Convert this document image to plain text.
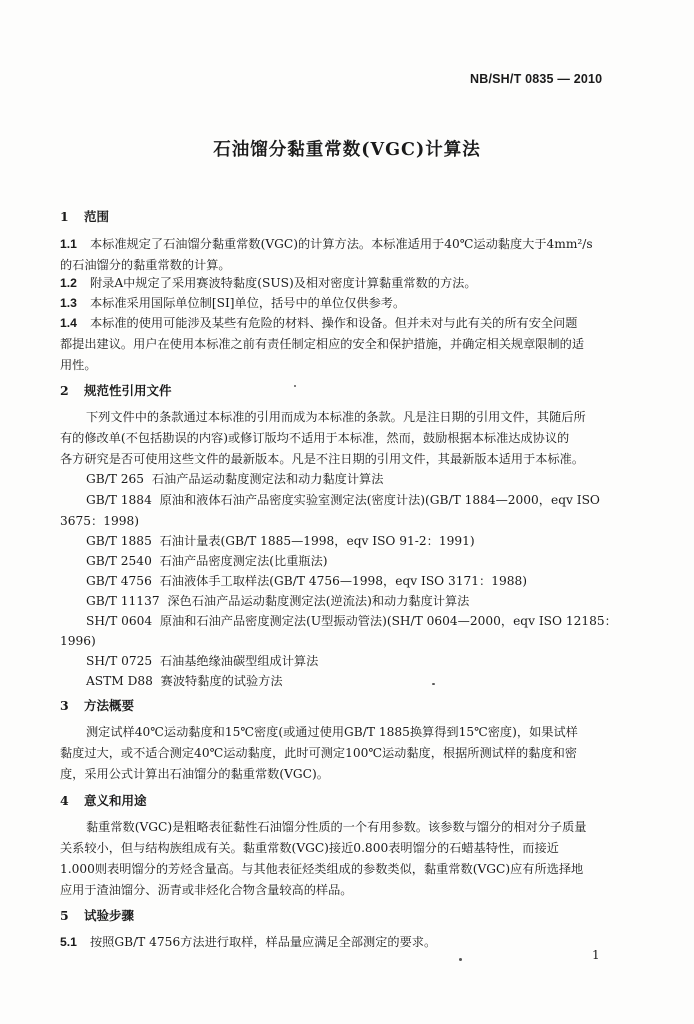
NB/SH/T 0835 — 2010
石油馏分黏重常数(VGC)计算法
1 范围
1.1 本标准规定了石油馏分黏重常数(VGC)的计算方法。本标准适用于40℃运动黏度大于4mm²/s
的石油馏分的黏重常数的计算。
1.2 附录A中规定了采用赛波特黏度(SUS)及相对密度计算黏重常数的方法。
1.3 本标准采用国际单位制[SI]单位，括号中的单位仅供参考。
1.4 本标准的使用可能涉及某些有危险的材料、操作和设备。但并未对与此有关的所有安全问题
都提出建议。用户在使用本标准之前有责任制定相应的安全和保护措施，并确定相关规章限制的适
用性。
2 规范性引用文件
下列文件中的条款通过本标准的引用而成为本标准的条款。凡是注日期的引用文件，其随后所
有的修改单(不包括勘误的内容)或修订版均不适用于本标准，然而，鼓励根据本标准达成协议的
各方研究是否可使用这些文件的最新版本。凡是不注日期的引用文件，其最新版本适用于本标准。
GB/T 265 石油产品运动黏度测定法和动力黏度计算法
GB/T 1884 原油和液体石油产品密度实验室测定法(密度计法)(GB/T 1884—2000，eqv ISO
3675：1998)
GB/T 1885 石油计量表(GB/T 1885—1998，eqv ISO 91-2：1991)
GB/T 2540 石油产品密度测定法(比重瓶法)
GB/T 4756 石油液体手工取样法(GB/T 4756—1998，eqv ISO 3171：1988)
GB/T 11137 深色石油产品运动黏度测定法(逆流法)和动力黏度计算法
SH/T 0604 原油和石油产品密度测定法(U型振动管法)(SH/T 0604—2000，eqv ISO 12185：
1996)
SH/T 0725 石油基绝缘油碳型组成计算法
ASTM D88 赛波特黏度的试验方法
3 方法概要
测定试样40℃运动黏度和15℃密度(或通过使用GB/T 1885换算得到15℃密度)，如果试样
黏度过大，或不适合测定40℃运动黏度，此时可测定100℃运动黏度，根据所测试样的黏度和密
度，采用公式计算出石油馏分的黏重常数(VGC)。
4 意义和用途
黏重常数(VGC)是粗略表征黏性石油馏分性质的一个有用参数。该参数与馏分的相对分子质量
关系较小，但与结构族组成有关。黏重常数(VGC)接近0.800表明馏分的石蜡基特性，而接近
1.000则表明馏分的芳烃含量高。与其他表征烃类组成的参数类似，黏重常数(VGC)应有所选择地
应用于渣油馏分、沥青或非烃化合物含量较高的样品。
5 试验步骤
5.1 按照GB/T 4756方法进行取样，样品量应满足全部测定的要求。
1
